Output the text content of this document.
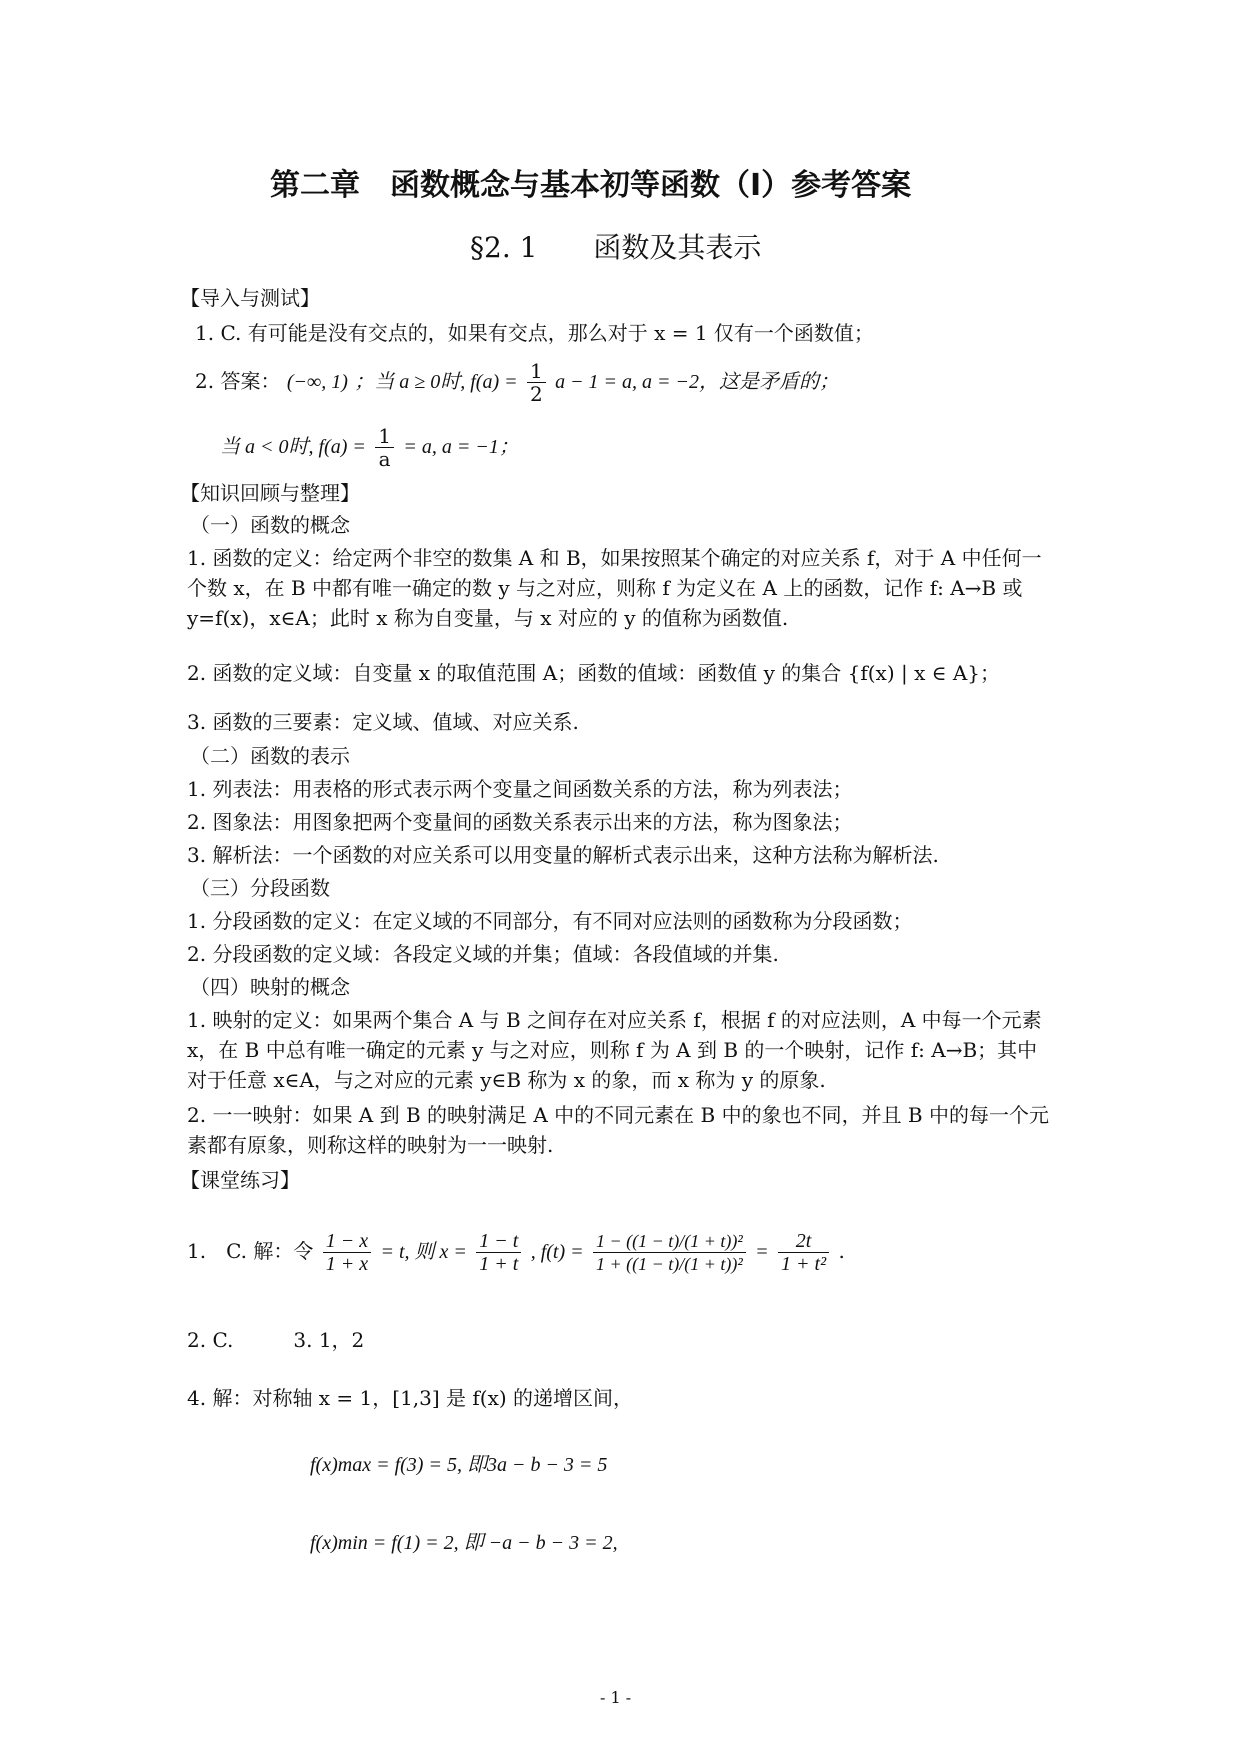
第二章　函数概念与基本初等函数（Ⅰ）参考答案
§2. 1　　函数及其表示
【导入与测试】
1. C. 有可能是没有交点的，如果有交点，那么对于 x = 1 仅有一个函数值；
2. 答案： (−∞, 1) ；当 a ≥ 0时, $f(a) = \frac{1}{2}$ a − 1 = a, a = −2，这是矛盾的；
当 a < 0时, $f(a) = \frac{1}{a} = a$, a = −1；
【知识回顾与整理】
（一）函数的概念
1. 函数的定义：给定两个非空的数集 A 和 B，如果按照某个确定的对应关系 f，对于 A 中任何一个数 x，在 B 中都有唯一确定的数 y 与之对应，则称 f 为定义在 A 上的函数，记作 f: A→B 或 y=f(x)，x∈A；此时 x 称为自变量，与 x 对应的 y 的值称为函数值.
2. 函数的定义域：自变量 x 的取值范围 A；函数的值域：函数值 y 的集合 {f(x) | x ∈ A}；
3. 函数的三要素：定义域、值域、对应关系.
（二）函数的表示
1. 列表法：用表格的形式表示两个变量之间函数关系的方法，称为列表法；
2. 图象法：用图象把两个变量间的函数关系表示出来的方法，称为图象法；
3. 解析法：一个函数的对应关系可以用变量的解析式表示出来，这种方法称为解析法.
（三）分段函数
1. 分段函数的定义：在定义域的不同部分，有不同对应法则的函数称为分段函数；
2. 分段函数的定义域：各段定义域的并集；值域：各段值域的并集.
（四）映射的概念
1. 映射的定义：如果两个集合 A 与 B 之间存在对应关系 f，根据 f 的对应法则，A 中每一个元素 x，在 B 中总有唯一确定的元素 y 与之对应，则称 f 为 A 到 B 的一个映射，记作 f: A→B；其中对于任意 x∈A，与之对应的元素 y∈B 称为 x 的象，而 x 称为 y 的原象.
2. 一一映射：如果 A 到 B 的映射满足 A 中的不同元素在 B 中的象也不同，并且 B 中的每一个元素都有原象，则称这样的映射为一一映射.
【课堂练习】
1.　C. 解：令 $\frac{1 - x}{1 + x} = t$, 则 $x = \frac{1 - t}{1 + t}$ , $f(t) = \frac{\text{1 − ((1 − t)/(1 + t))²}}{\text{1 + ((1 − t)/(1 + t))²}} = \frac{2t}{\text{1 + t²}}$ .
2. C.　　　3. 1，2
4. 解：对称轴 x = 1，[1,3] 是 f(x) 的递增区间，
f(x)max = f(3) = 5, 即3a − b − 3 = 5
f(x)min = f(1) = 2, 即 −a − b − 3 = 2,
- 1 -
